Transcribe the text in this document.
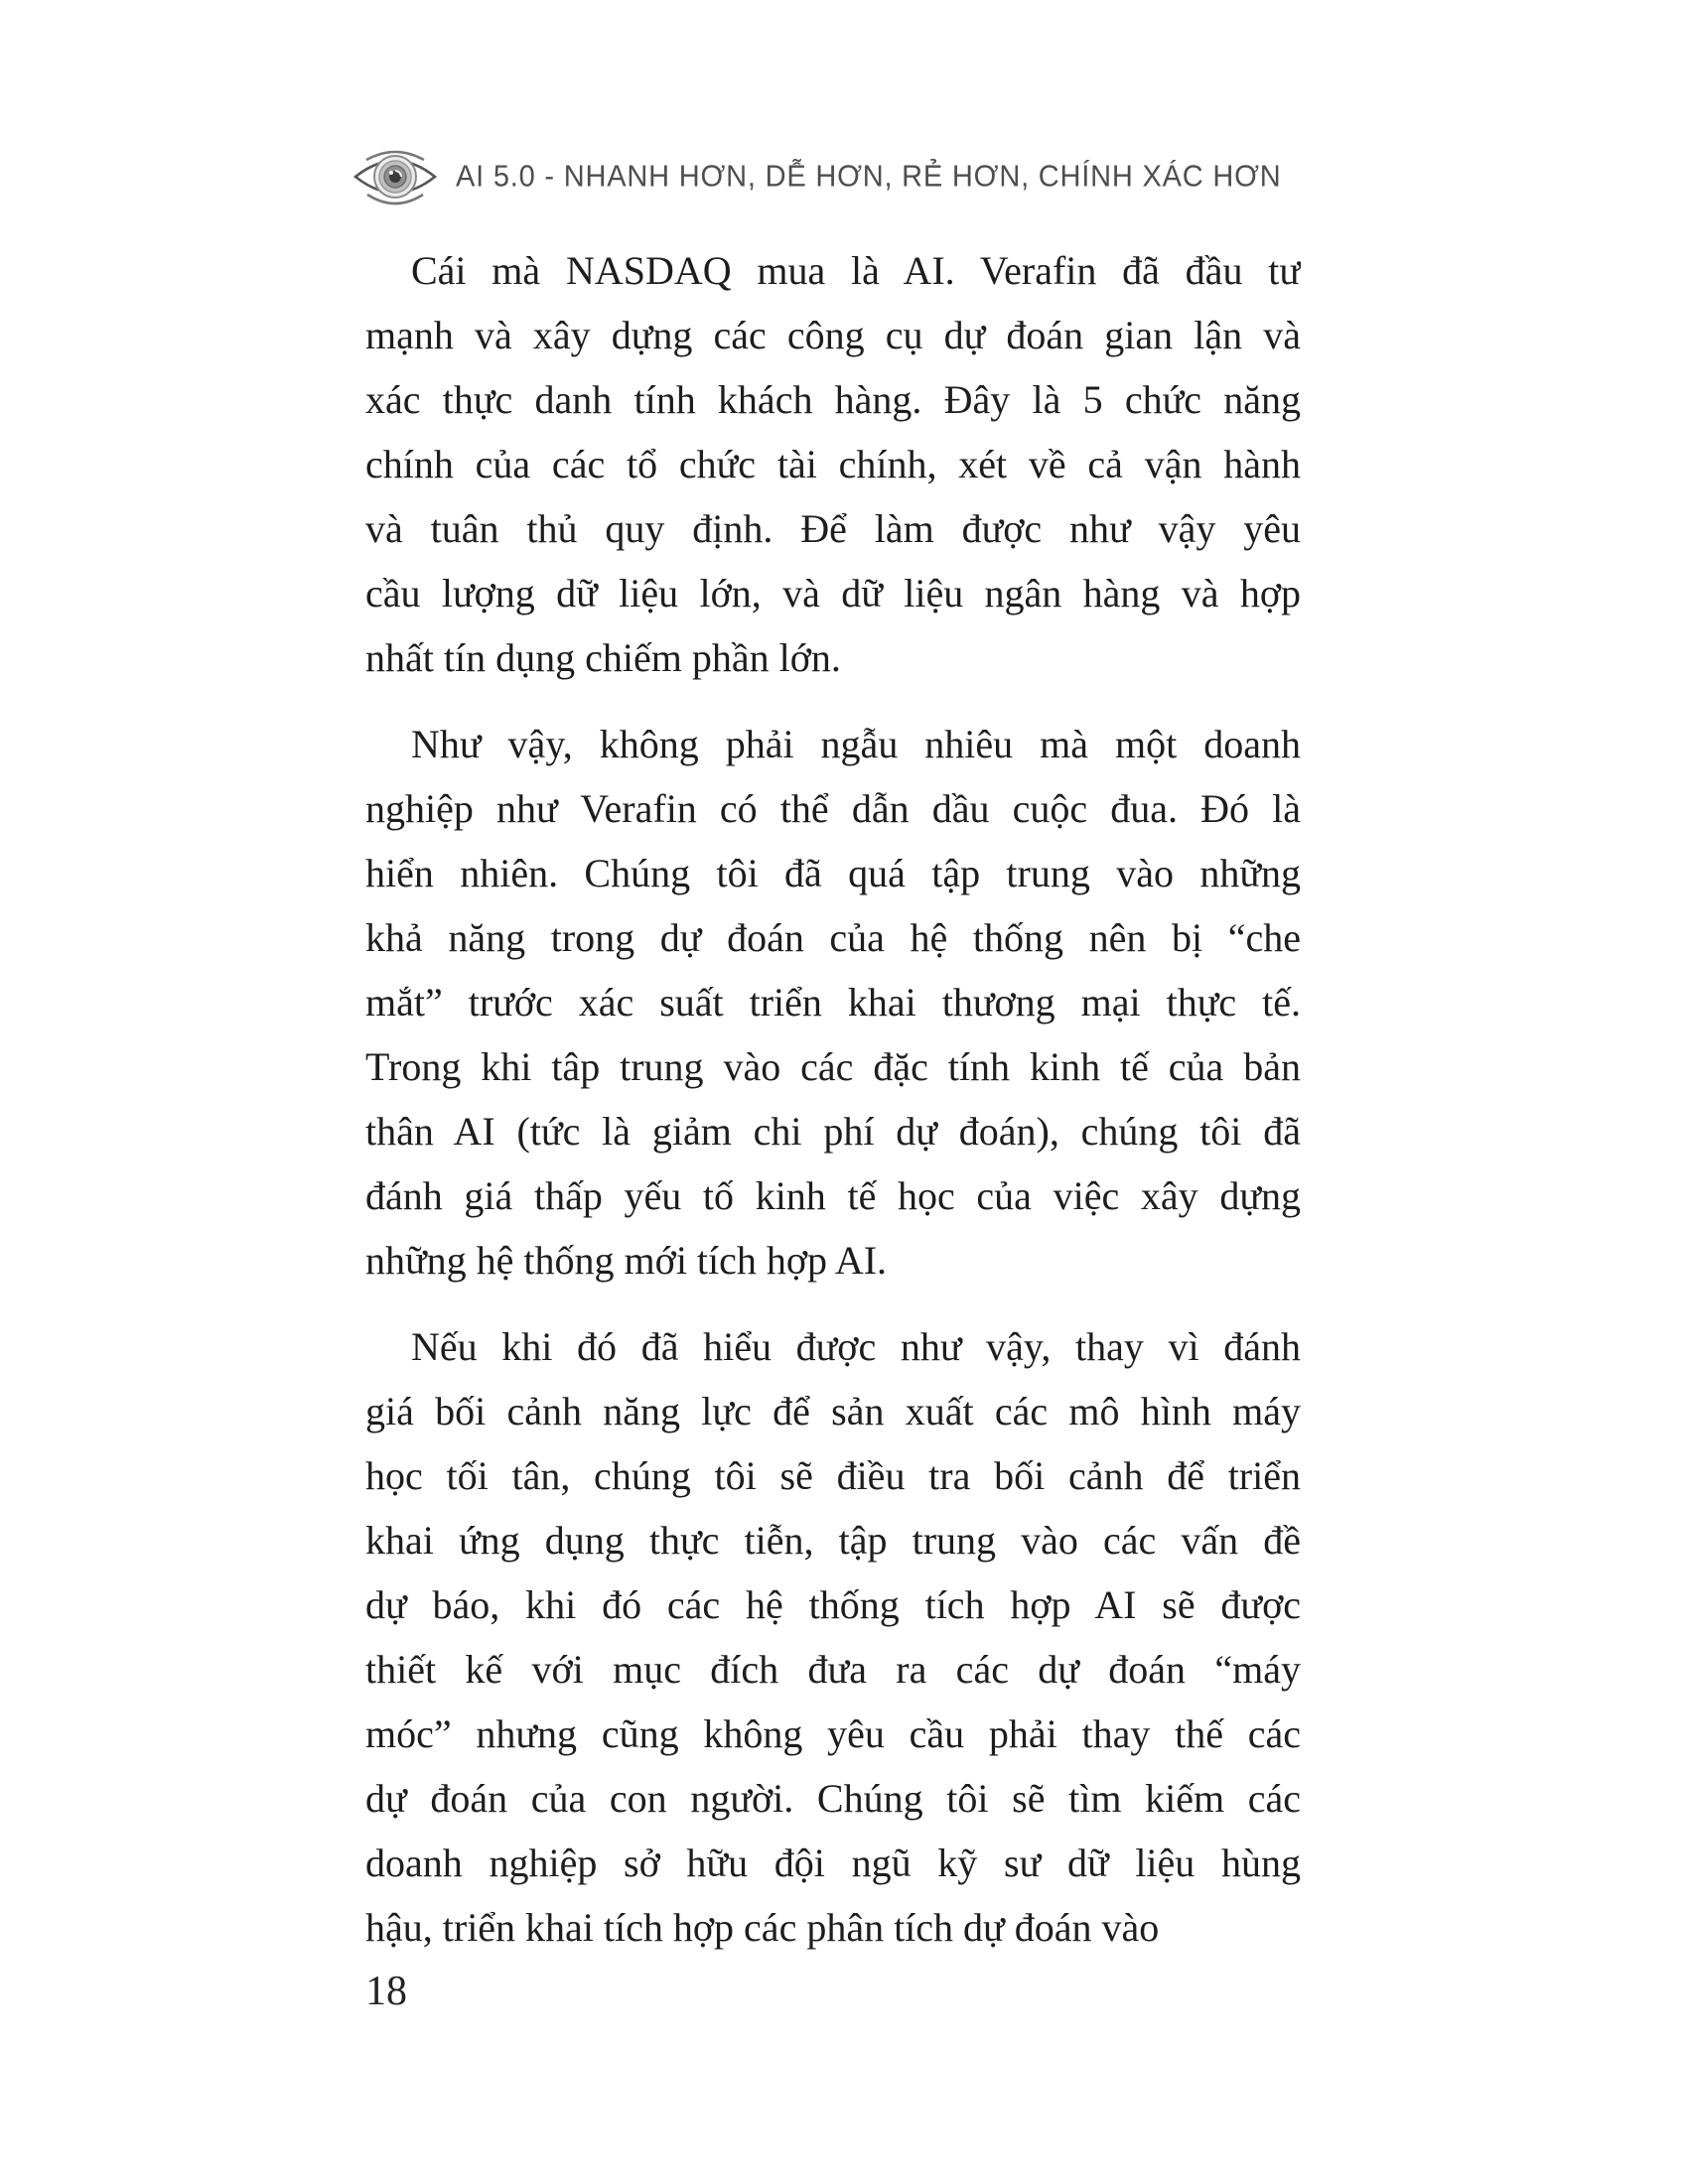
AI 5.0 - NHANH HƠN, DỄ HƠN, RẺ HƠN, CHÍNH XÁC HƠN
Cái mà NASDAQ mua là AI. Verafin đã đầu tư
mạnh và xây dựng các công cụ dự đoán gian lận và
xác thực danh tính khách hàng. Đây là 5 chức năng
chính của các tổ chức tài chính, xét về cả vận hành
và tuân thủ quy định. Để làm được như vậy yêu
cầu lượng dữ liệu lớn, và dữ liệu ngân hàng và hợp
nhất tín dụng chiếm phần lớn.
Như vậy, không phải ngẫu nhiêu mà một doanh
nghiệp như Verafin có thể dẫn dầu cuộc đua. Đó là
hiển nhiên. Chúng tôi đã quá tập trung vào những
khả năng trong dự đoán của hệ thống nên bị “che
mắt” trước xác suất triển khai thương mại thực tế.
Trong khi tâp trung vào các đặc tính kinh tế của bản
thân AI (tức là giảm chi phí dự đoán), chúng tôi đã
đánh giá thấp yếu tố kinh tế học của việc xây dựng
những hệ thống mới tích hợp AI.
Nếu khi đó đã hiểu được như vậy, thay vì đánh
giá bối cảnh năng lực để sản xuất các mô hình máy
học tối tân, chúng tôi sẽ điều tra bối cảnh để triển
khai ứng dụng thực tiễn, tập trung vào các vấn đề
dự báo, khi đó các hệ thống tích hợp AI sẽ được
thiết kế với mục đích đưa ra các dự đoán “máy
móc” nhưng cũng không yêu cầu phải thay thế các
dự đoán của con người. Chúng tôi sẽ tìm kiếm các
doanh nghiệp sở hữu đội ngũ kỹ sư dữ liệu hùng
hậu, triển khai tích hợp các phân tích dự đoán vào
18
